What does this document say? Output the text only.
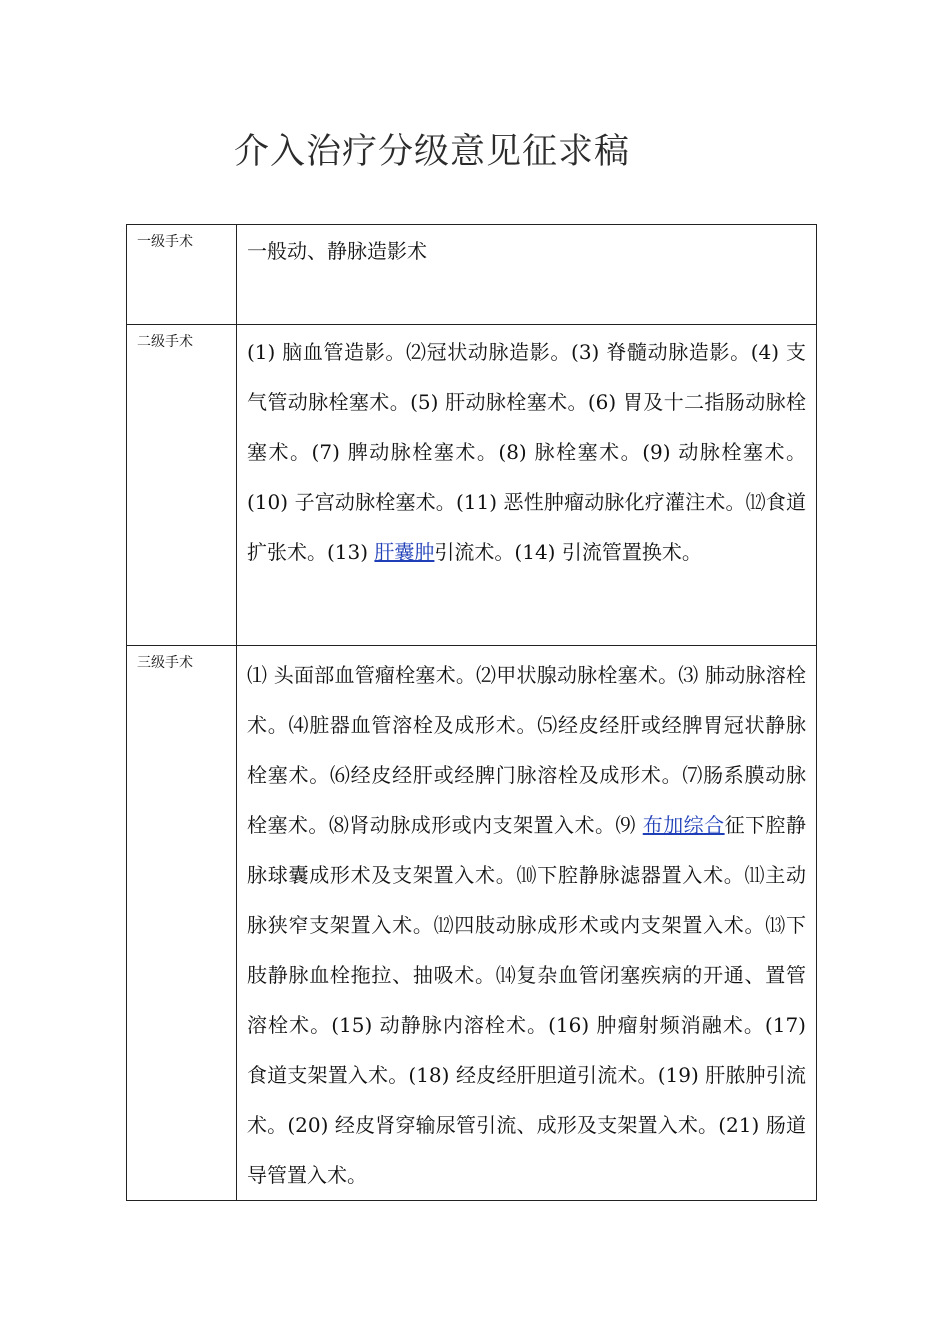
介入治疗分级意见征求稿
一级手术	一般动、静脉造影术

二级手术	(1) 脑血管造影。⑵冠状动脉造影。(3) 脊髓动脉造影。(4) 支气管动脉栓塞术。(5) 肝动脉栓塞术。(6) 胃及十二指肠动脉栓塞术。(7) 脾动脉栓塞术。(8) 脉栓塞术。(9) 动脉栓塞术。(10) 子宫动脉栓塞术。(11) 恶性肿瘤动脉化疗灌注术。⑿食道扩张术。(13) 肝囊肿引流术。(14) 引流管置换术。

三级手术	⑴ 头面部血管瘤栓塞术。⑵甲状腺动脉栓塞术。⑶ 肺动脉溶栓术。⑷脏器血管溶栓及成形术。⑸经皮经肝或经脾胃冠状静脉栓塞术。⑹经皮经肝或经脾门脉溶栓及成形术。⑺肠系膜动脉栓塞术。⑻肾动脉成形或内支架置入术。⑼ 布加综合征下腔静脉球囊成形术及支架置入术。⑽下腔静脉滤器置入术。⑾主动脉狭窄支架置入术。⑿四肢动脉成形术或内支架置入术。⒀下肢静脉血栓拖拉、抽吸术。⒁复杂血管闭塞疾病的开通、置管溶栓术。(15) 动静脉内溶栓术。(16) 肿瘤射频消融术。(17) 食道支架置入术。(18) 经皮经肝胆道引流术。(19) 肝脓肿引流术。(20) 经皮肾穿输尿管引流、成形及支架置入术。(21) 肠道导管置入术。
